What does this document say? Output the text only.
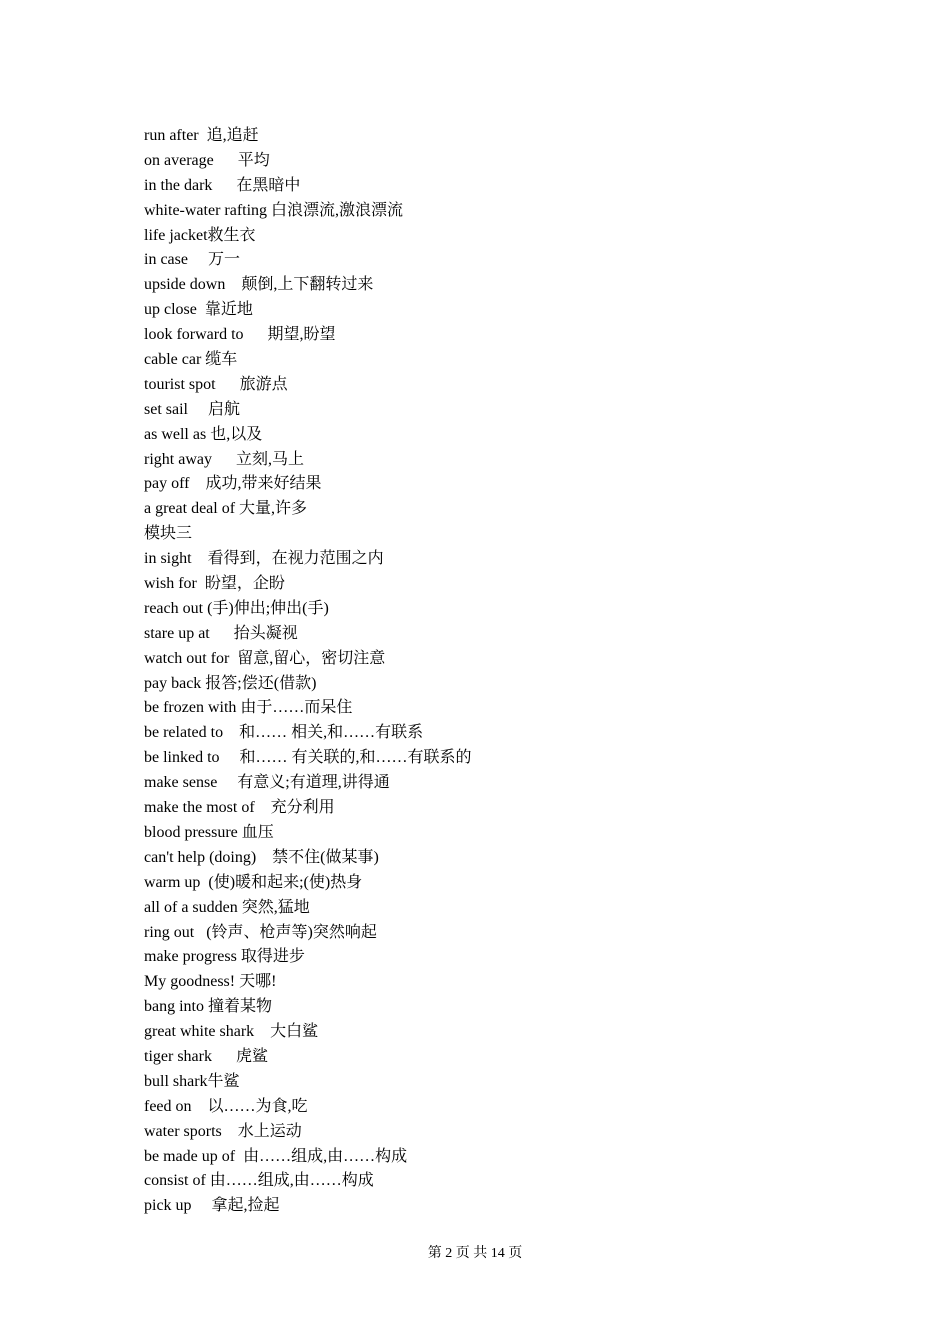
run after  追,追赶
on average      平均
in the dark      在黑暗中
white-water rafting 白浪漂流,激浪漂流
life jacket救生衣
in case     万一
upside down    颠倒,上下翻转过来
up close  靠近地
look forward to      期望,盼望
cable car 缆车
tourist spot      旅游点
set sail     启航
as well as 也,以及
right away      立刻,马上
pay off    成功,带来好结果
a great deal of 大量,许多
模块三
in sight    看得到，在视力范围之内
wish for  盼望，企盼
reach out (手)伸出;伸出(手)
stare up at      抬头凝视
watch out for  留意,留心，密切注意
pay back 报答;偿还(借款)
be frozen with 由于……而呆住
be related to    和…… 相关,和……有联系
be linked to     和…… 有关联的,和……有联系的
make sense     有意义;有道理,讲得通
make the most of    充分利用
blood pressure 血压
can't help (doing)    禁不住(做某事)
warm up  (使)暖和起来;(使)热身
all of a sudden 突然,猛地
ring out   (铃声、枪声等)突然响起
make progress 取得进步
My goodness! 天哪!
bang into 撞着某物
great white shark    大白鲨
tiger shark      虎鲨
bull shark牛鲨
feed on    以……为食,吃
water sports    水上运动
be made up of  由……组成,由……构成
consist of 由……组成,由……构成
pick up     拿起,捡起
第 2 页 共 14 页
